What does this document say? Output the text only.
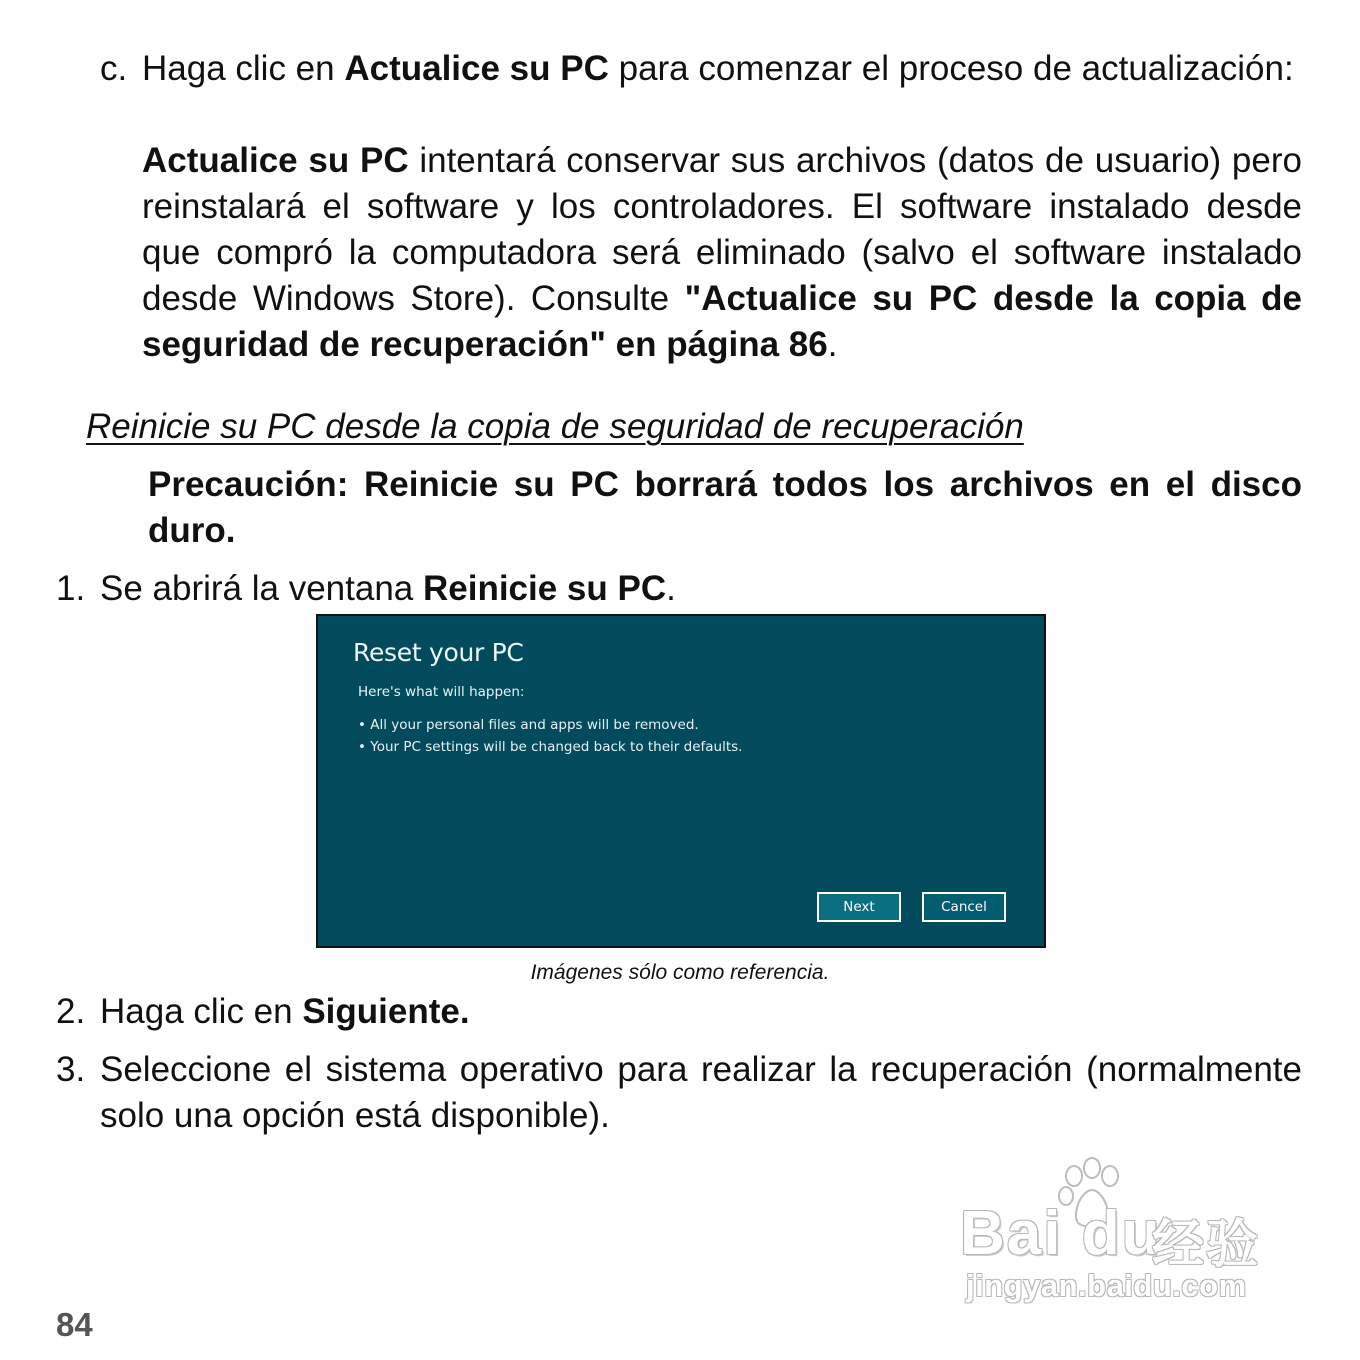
c. Haga clic en Actualice su PC para comenzar el proceso de actualización:

Actualice su PC intentará conservar sus archivos (datos de usuario) pero reinstalará el software y los controladores. El software instalado desde que compró la computadora será eliminado (salvo el software instalado desde Windows Store). Consulte "Actualice su PC desde la copia de seguridad de recuperación" en página 86.

Reinicie su PC desde la copia de seguridad de recuperación

Precaución: Reinicie su PC borrará todos los archivos en el disco duro.

1. Se abrirá la ventana Reinicie su PC.

Reset your PC
Here's what will happen:
• All your personal files and apps will be removed.
• Your PC settings will be changed back to their defaults.
Next	Cancel
Imágenes sólo como referencia.
2. Haga clic en Siguiente.

3. Seleccione el sistema operativo para realizar la recuperación (normalmente solo una opción está disponible).

84
Bai du
经验
jingyan.baidu.com
